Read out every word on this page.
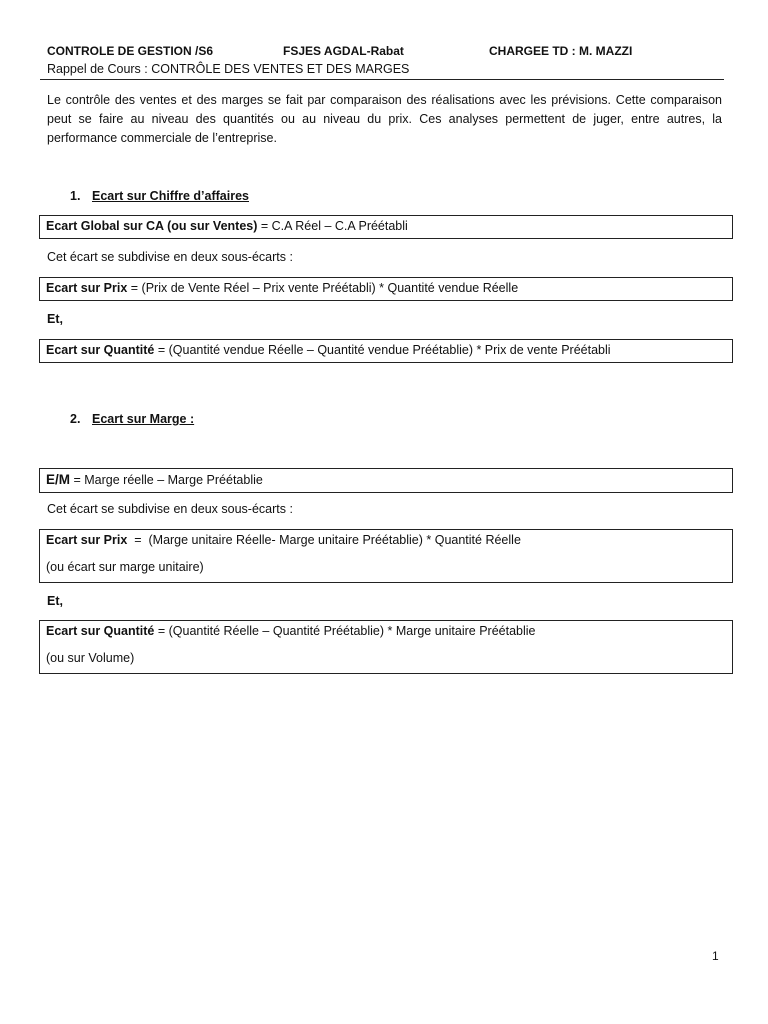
CONTROLE DE GESTION /S6	FSJES AGDAL-Rabat	CHARGEE TD : M. MAZZI
Rappel de Cours : CONTRÔLE DES VENTES ET DES MARGES

Le contrôle des ventes et des marges se fait par comparaison des réalisations avec les prévisions. Cette comparaison peut se faire au niveau des quantités ou au niveau du prix. Ces analyses permettent de juger, entre autres, la performance commerciale de l’entreprise.

1. Ecart sur Chiffre d’affaires

Ecart Global sur CA (ou sur Ventes) = C.A Réel – C.A Préétabli

Cet écart se subdivise en deux sous-écarts :

Ecart sur Prix = (Prix de Vente Réel – Prix vente Préétabli) * Quantité vendue Réelle

Et,

Ecart sur Quantité = (Quantité vendue Réelle – Quantité vendue Préétablie) * Prix de vente Préétabli

2. Ecart sur Marge :

E/M = Marge réelle – Marge Préétablie

Cet écart se subdivise en deux sous-écarts :

Ecart sur Prix  =  (Marge unitaire Réelle- Marge unitaire Préétablie) * Quantité Réelle

(ou écart sur marge unitaire)

Et,

Ecart sur Quantité = (Quantité Réelle – Quantité Préétablie) * Marge unitaire Préétablie

(ou sur Volume)

1
